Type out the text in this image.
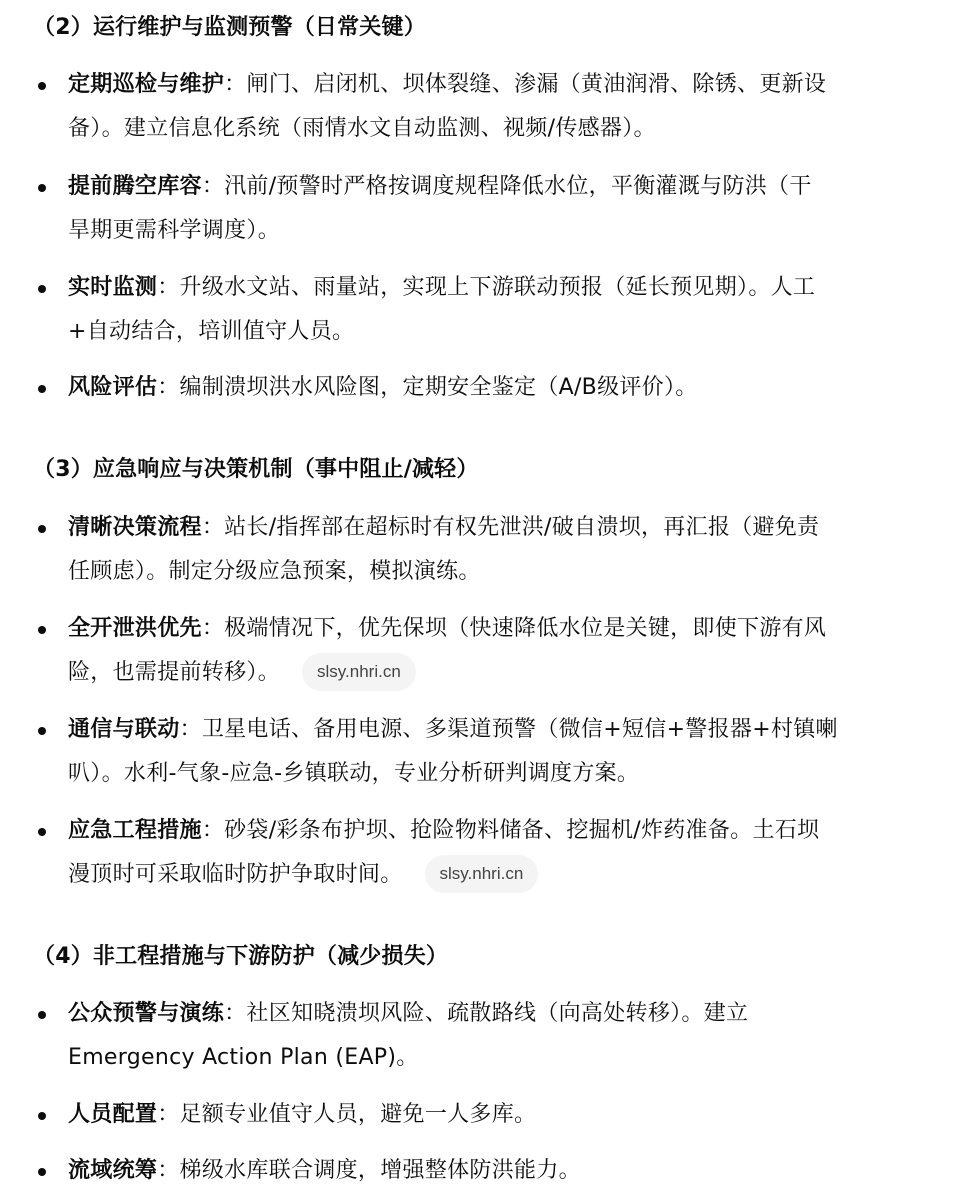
（2）运行维护与监测预警（日常关键）
定期巡检与维护：闸门、启闭机、坝体裂缝、渗漏（黄油润滑、除锈、更新设
备）。建立信息化系统（雨情水文自动监测、视频/传感器）。
提前腾空库容：汛前/预警时严格按调度规程降低水位，平衡灌溉与防洪（干
旱期更需科学调度）。
实时监测：升级水文站、雨量站，实现上下游联动预报（延长预见期）。人工
+自动结合，培训值守人员。
风险评估：编制溃坝洪水风险图，定期安全鉴定（A/B级评价）。
（3）应急响应与决策机制（事中阻止/减轻）
清晰决策流程：站长/指挥部在超标时有权先泄洪/破自溃坝，再汇报（避免责
任顾虑）。制定分级应急预案，模拟演练。
全开泄洪优先：极端情况下，优先保坝（快速降低水位是关键，即使下游有风
险，也需提前转移）。 slsy.nhri.cn
通信与联动：卫星电话、备用电源、多渠道预警（微信+短信+警报器+村镇喇
叭）。水利-气象-应急-乡镇联动，专业分析研判调度方案。
应急工程措施：砂袋/彩条布护坝、抢险物料储备、挖掘机/炸药准备。土石坝
漫顶时可采取临时防护争取时间。 slsy.nhri.cn
（4）非工程措施与下游防护（减少损失）
公众预警与演练：社区知晓溃坝风险、疏散路线（向高处转移）。建立
Emergency Action Plan (EAP)。
人员配置：足额专业值守人员，避免一人多库。
流域统筹：梯级水库联合调度，增强整体防洪能力。
